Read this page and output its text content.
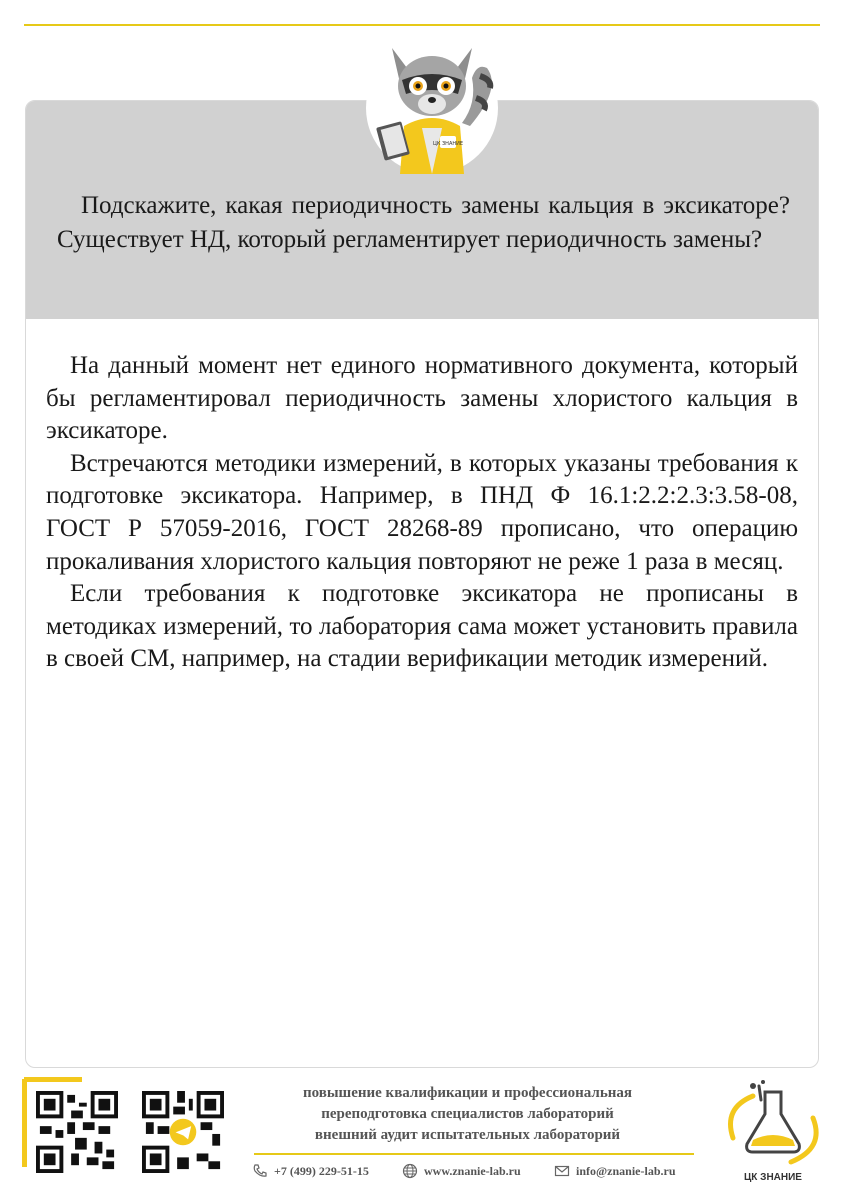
Подскажите, какая периодичность замены кальция в эксикаторе? Существует НД, который регламентирует периодичность замены?

ЦК ЗНАНИЕ

На данный момент нет единого нормативного документа, который бы регламентировал периодичность замены хлористого кальция в эксикаторе.

Встречаются методики измерений, в которых указаны требования к подготовке эксикатора. Например, в ПНД Ф 16.1:2.2:2.3:3.58-08, ГОСТ Р 57059-2016, ГОСТ 28268-89 прописано, что операцию прокаливания хлористого кальция повторяют не реже 1 раза в месяц.

Если требования к подготовке эксикатора не прописаны в методиках измерений, то лаборатория сама может установить правила в своей СМ, например, на стадии верификации методик измерений.

повышение квалификации и профессиональная
переподготовка специалистов лабораторий
внешний аудит испытательных лабораторий
+7 (499) 229-51-15	www.znanie-lab.ru	info@znanie-lab.ru	ЦК ЗНАНИЕ
